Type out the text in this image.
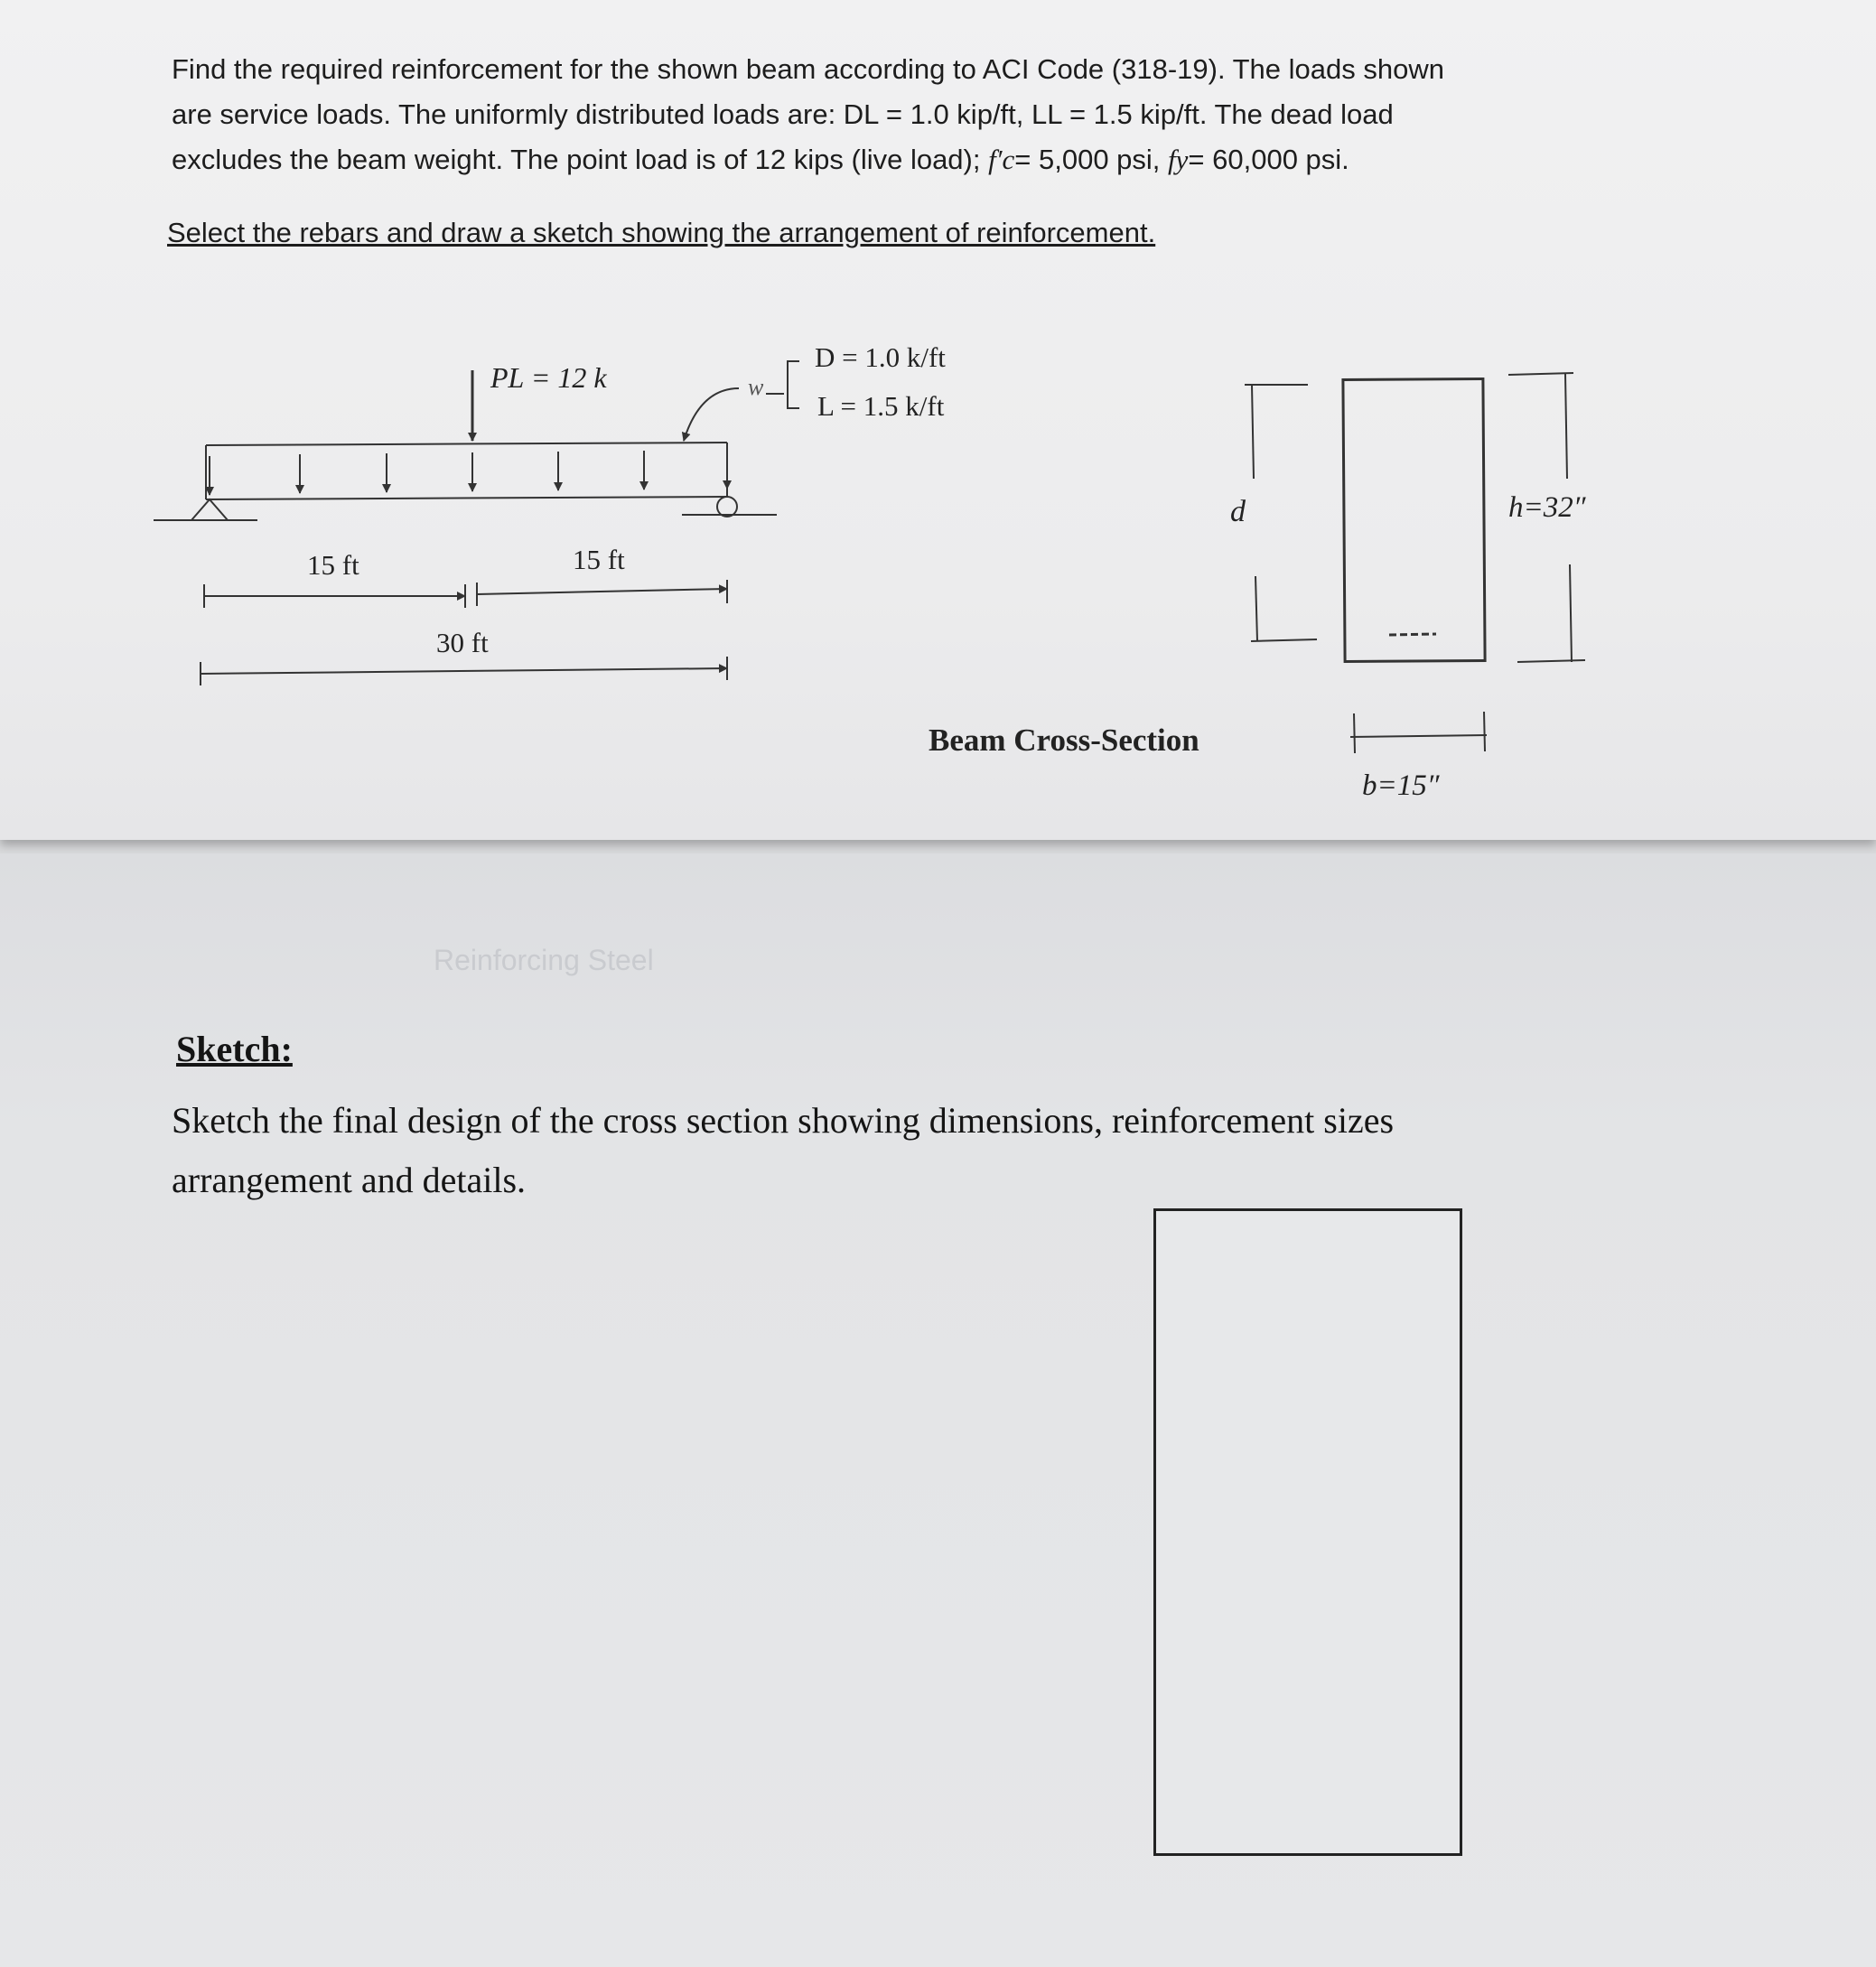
Find the required reinforcement for the shown beam according to ACI Code (318-19). The loads shown
are service loads. The uniformly distributed loads are: DL = 1.0 kip/ft, LL = 1.5 kip/ft. The dead load
excludes the beam weight. The point load is of 12 kips (live load); f′c= 5,000 psi, fy= 60,000 psi.

Select the rebars and draw a sketch showing the arrangement of reinforcement.
PL = 12 k	w
D = 1.0 k/ft
L = 1.5 k/ft
15 ft	15 ft
30 ft
d	h=32″
b=15″
Beam Cross-Section
Reinforcing Steel
Sketch:

Sketch the final design of the cross section showing dimensions, reinforcement sizes arrangement and details.
